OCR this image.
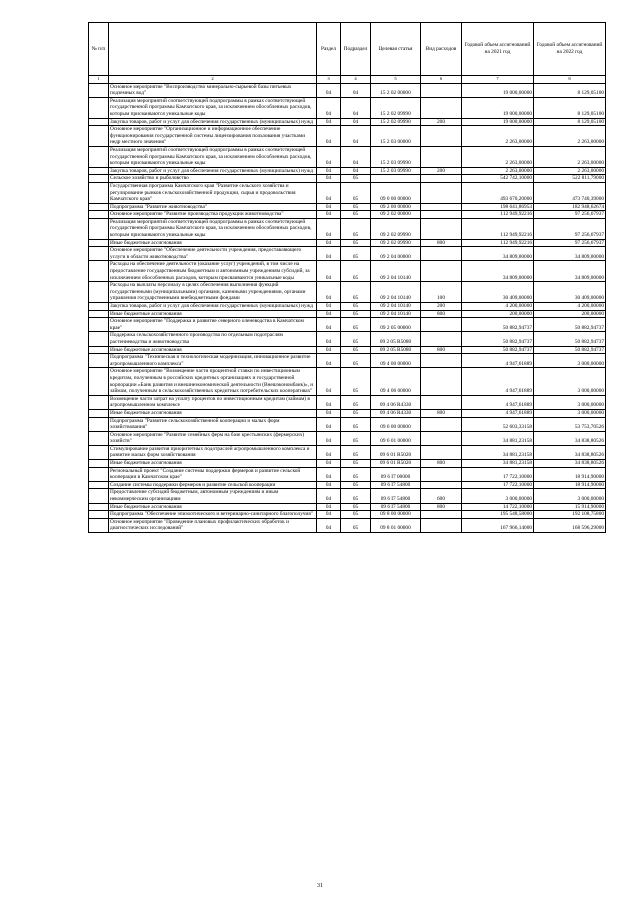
№ п/п		Раздел	Подраздел	Целевая статья	Вид расходов	Годовой объем ассигнований на 2021 год	Годовой объем ассигнований на 2022 год
1	2	3	4	5	6	7	8
	Основное мероприятие "Воспроизводство минерально-сырьевой базы питьевых подземных вод"	04	04	15 2 02 00000		19 000,00000	8 129,05100
	Реализация мероприятий соответствующей подпрограммы в рамках соответствующей государственной программы Камчатского края, за исключением обособленных расходов, которым присваиваются уникальные коды	04	04	15 2 02 09990		19 000,00000	8 129,05100
	Закупка товаров, работ и услуг для обеспечения государственных (муниципальных) нужд	04	04	15 2 02 09990	200	19 000,00000	8 129,05100
	Основное мероприятие "Организационное и информационное обеспечение функционирования государственной системы лицензирования пользования участками недр местного значения"	04	04	15 2 03 00000		2 263,00000	2 263,00000
	Реализация мероприятий соответствующей подпрограммы в рамках соответствующей государственной программы Камчатского края, за исключением обособленных расходов, которым присваиваются уникальные коды	04	04	15 2 03 09990		2 263,00000	2 263,00000
	Закупка товаров, работ и услуг для обеспечения государственных (муниципальных) нужд	04	04	15 2 03 09990	200	2 263,00000	2 263,00000
	Сельское хозяйство и рыболовство	04	05			542 742,10000	522 811,79000
	Государственная программа Камчатского края "Развитие сельского хозяйства и регулирование рынков сельскохозяйственной продукции, сырья и продовольствия Камчатского края"	04	05	09 0 00 00000		493 670,20000	473 740,39000
	Подпрограмма "Развитие животноводства"	04	05	09 2 00 00000		198 641,86953	182 948,62674
	Основное мероприятие "Развитие производства продукции животноводства"	04	05	09 2 02 00000		112 949,92216	97 256,67937
	Реализация мероприятий соответствующей подпрограммы в рамках соответствующей государственной программы Камчатского края, за исключением обособленных расходов, которым присваиваются уникальные коды	04	05	09 2 02 09990		112 949,92216	97 256,67937
	Иные бюджетные ассигнования	04	05	09 2 02 09990	800	112 949,92216	97 256,67937
	Основное мероприятие "Обеспечение деятельности учреждения, предоставляющего услуги в области животноводства"	04	05	09 2 04 00000		34 809,00000	34 809,00000
	Расходы на обеспечение деятельности (оказание услуг) учреждений, в том числе на предоставление государственным бюджетным и автономным учреждениям субсидий, за исключением обособленных расходов, которым присваиваются уникальные коды	04	05	09 2 04 10140		34 809,00000	34 809,00000
	Расходы на выплаты персоналу в целях обеспечения выполнения функций государственными (муниципальными) органами, казенными учреждениями, органами управления государственными внебюджетными фондами	04	05	09 2 04 10140	100	30 409,00000	30 409,00000
	Закупка товаров, работ и услуг для обеспечения государственных (муниципальных) нужд	04	05	09 2 04 10140	200	4 200,00000	4 200,00000
	Иные бюджетные ассигнования	04	05	09 2 04 10140	800	200,00000	200,00000
	Основное мероприятие "Поддержка и развитие северного оленеводства в Камчатском крае"	04	05	09 2 05 00000		50 882,94737	50 882,94737
	Поддержка сельскохозяйственного производства по отдельным подотраслям растениеводства и животноводства	04	05	09 2 05 R5080		50 882,94737	50 882,94737
	Иные бюджетные ассигнования	04	05	09 2 05 R5080	800	50 882,94737	50 882,94737
	Подпрограмма "Техническая и технологическая модернизация, инновационное развитие агропромышленного комплекса"	04	05	09 4 00 00000		4 947,61889	3 000,00000
	Основное мероприятие "Возмещение части процентной ставки по инвестиционным кредитам, полученным в российских кредитных организациях и государственной корпорации «Банк развития и внешнеэкономической деятельности (Внешэкономбанк)», и займам, полученным в сельскохозяйственных кредитных потребительских кооперативах"	04	05	09 4 06 00000		4 947,61889	3 000,00000
	Возмещение части затрат на уплату процентов по инвестиционным кредитам (займам) в агропромышленном комплексе	04	05	09 4 06 R4330		4 947,61889	3 000,00000
	Иные бюджетные ассигнования	04	05	09 4 06 R4330	800	4 947,61889	3 000,00000
	Подпрограмма "Развитие сельскохозяйственной кооперации и малых форм хозяйствования"	04	05	09 6 00 00000		52 603,33158	53 753,70526
	Основное мероприятие "Развитие семейных ферм на базе крестьянских (фермерских) хозяйств"	04	05	09 6 01 00000		34 881,23158	34 838,80526
	Стимулирование развития приоритетных подотраслей агропромышленного комплекса и развитие малых форм хозяйствования	04	05	09 6 01 R5020		34 881,23158	34 838,80526
	Иные бюджетные ассигнования	04	05	09 6 01 R5020	800	34 881,23158	34 838,80526
	Региональный проект "Создание системы поддержки фермеров и развитие сельской кооперации в Камчатском крае"	04	05	09 6 I7 00000		17 722,10000	18 914,90000
	Создание системы поддержки фермеров и развитие сельской кооперации	04	05	09 6 I7 54800		17 722,10000	18 914,90000
	Предоставление субсидий бюджетным, автономным учреждениям и иным некоммерческим организациям	04	05	09 6 I7 54800	600	3 000,00000	3 000,00000
	Иные бюджетные ассигнования	04	05	09 6 I7 54800	800	14 722,10000	15 914,90000
	Подпрограмма "Обеспечение эпизоотического и ветеринарно-санитарного благополучия"	04	05	09 8 00 00000		195 548,58000	192 108,75800
	Основное мероприятие "Проведение плановых профилактических обработок и диагностических исследований"	04	05	09 8 01 00000		167 966,14000	168 596,29000
31
